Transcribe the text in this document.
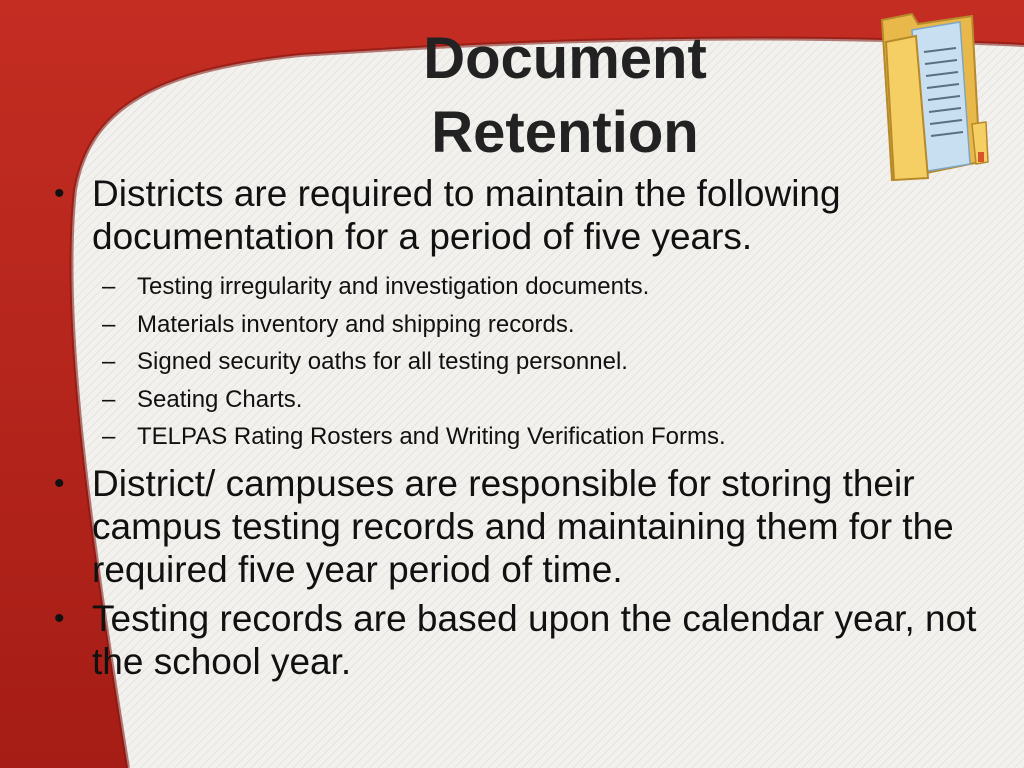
Document
Retention

• Districts are required to maintain the following documentation for a period of five years.

– Testing irregularity and investigation documents.
– Materials inventory and shipping records.
– Signed security oaths for all testing personnel.
– Seating Charts.
– TELPAS Rating Rosters and Writing Verification Forms.

• District/ campuses are responsible for storing their campus testing records and maintaining them for the required five year period of time.

• Testing records are based upon the calendar year, not the school year.
